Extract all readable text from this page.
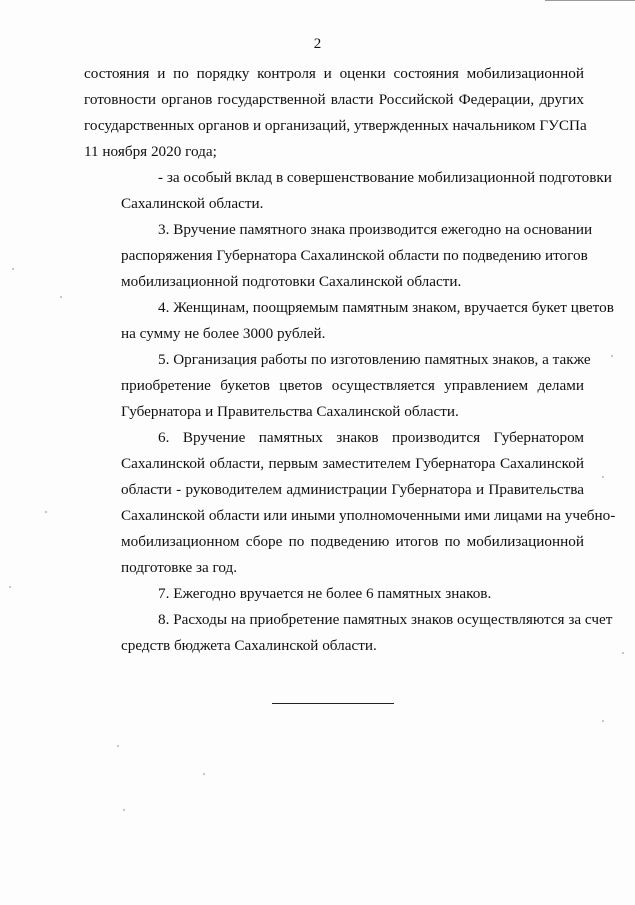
2
состояния и по порядку контроля и оценки состояния мобилизационной
готовности органов государственной власти Российской Федерации, других
государственных органов и организаций, утвержденных начальником ГУСПа
11 ноября 2020 года;
- за особый вклад в совершенствование мобилизационной подготовки
Сахалинской области.
3. Вручение памятного знака производится ежегодно на основании
распоряжения Губернатора Сахалинской области по подведению итогов
мобилизационной подготовки Сахалинской области.
4. Женщинам, поощряемым памятным знаком, вручается букет цветов
на сумму не более 3000 рублей.
5. Организация работы по изготовлению памятных знаков, а также
приобретение букетов цветов осуществляется управлением делами
Губернатора и Правительства Сахалинской области.
6. Вручение памятных знаков производится Губернатором
Сахалинской области, первым заместителем Губернатора Сахалинской
области - руководителем администрации Губернатора и Правительства
Сахалинской области или иными уполномоченными ими лицами на учебно-
мобилизационном сборе по подведению итогов по мобилизационной
подготовке за год.
7. Ежегодно вручается не более 6 памятных знаков.
8. Расходы на приобретение памятных знаков осуществляются за счет
средств бюджета Сахалинской области.
